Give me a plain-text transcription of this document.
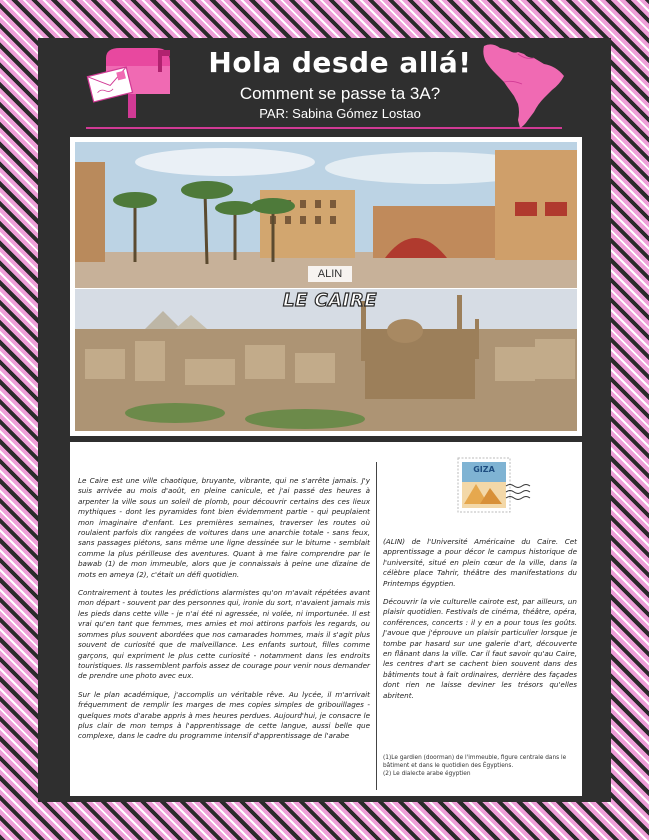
Hola desde allá!
Comment se passe ta 3A?
PAR: Sabina Gómez Lostao
ALIN
LE CAIRE

Le Caire est une ville chaotique, bruyante, vibrante, qui ne s'arrête jamais. J'y suis arrivée au mois d'août, en pleine canicule, et j'ai passé des heures à arpenter la ville sous un soleil de plomb, pour découvrir certains des ces lieux mythiques - dont les pyramides font bien évidemment partie - qui peuplaient mon imaginaire d'enfant. Les premières semaines, traverser les routes où roulaient parfois dix rangées de voitures dans une anarchie totale - sans feux, sans passages piétons, sans même une ligne dessinée sur le bitume - semblait comme la plus périlleuse des aventures. Quant à me faire comprendre par le bawab (1) de mon immeuble, alors que je connaissais à peine une dizaine de mots en ameya (2), c'était un défi quotidien.

Contrairement à toutes les prédictions alarmistes qu'on m'avait répétées avant mon départ - souvent par des personnes qui, ironie du sort, n'avaient jamais mis les pieds dans cette ville - je n'ai été ni agressée, ni volée, ni importunée. Il est vrai qu'en tant que femmes, mes amies et moi attirons parfois les regards, ou sommes plus souvent abordées que nos camarades hommes, mais il s'agit plus souvent de curiosité que de malveillance. Les enfants surtout, filles comme garçons, qui expriment le plus cette curiosité - notamment dans les endroits touristiques. Ils rassemblent parfois assez de courage pour venir nous demander de prendre une photo avec eux.

Sur le plan académique, j'accomplis un véritable rêve. Au lycée, il m'arrivait fréquemment de remplir les marges de mes copies simples de gribouillages - quelques mots d'arabe appris à mes heures perdues. Aujourd'hui, je consacre le plus clair de mon temps à l'apprentissage de cette langue, aussi belle que complexe, dans le cadre du programme intensif d'apprentissage de l'arabe

GIZA

(ALIN) de l'Université Américaine du Caire. Cet apprentissage a pour décor le campus historique de l'université, situé en plein cœur de la ville, dans la célèbre place Tahrir, théâtre des manifestations du Printemps égyptien.

Découvrir la vie culturelle cairote est, par ailleurs, un plaisir quotidien. Festivals de cinéma, théâtre, opéra, conférences, concerts : il y en a pour tous les goûts. J'avoue que j'éprouve un plaisir particulier lorsque je tombe par hasard sur une galerie d'art, découverte en flânant dans la ville. Car il faut savoir qu'au Caire, les centres d'art se cachent bien souvent dans des bâtiments tout à fait ordinaires, derrière des façades dont rien ne laisse deviner les trésors qu'elles abritent.

(1)Le gardien (doorman) de l'immeuble, figure centrale dans le bâtiment et dans le quotidien des Égyptiens.
(2) Le dialecte arabe égyptien
